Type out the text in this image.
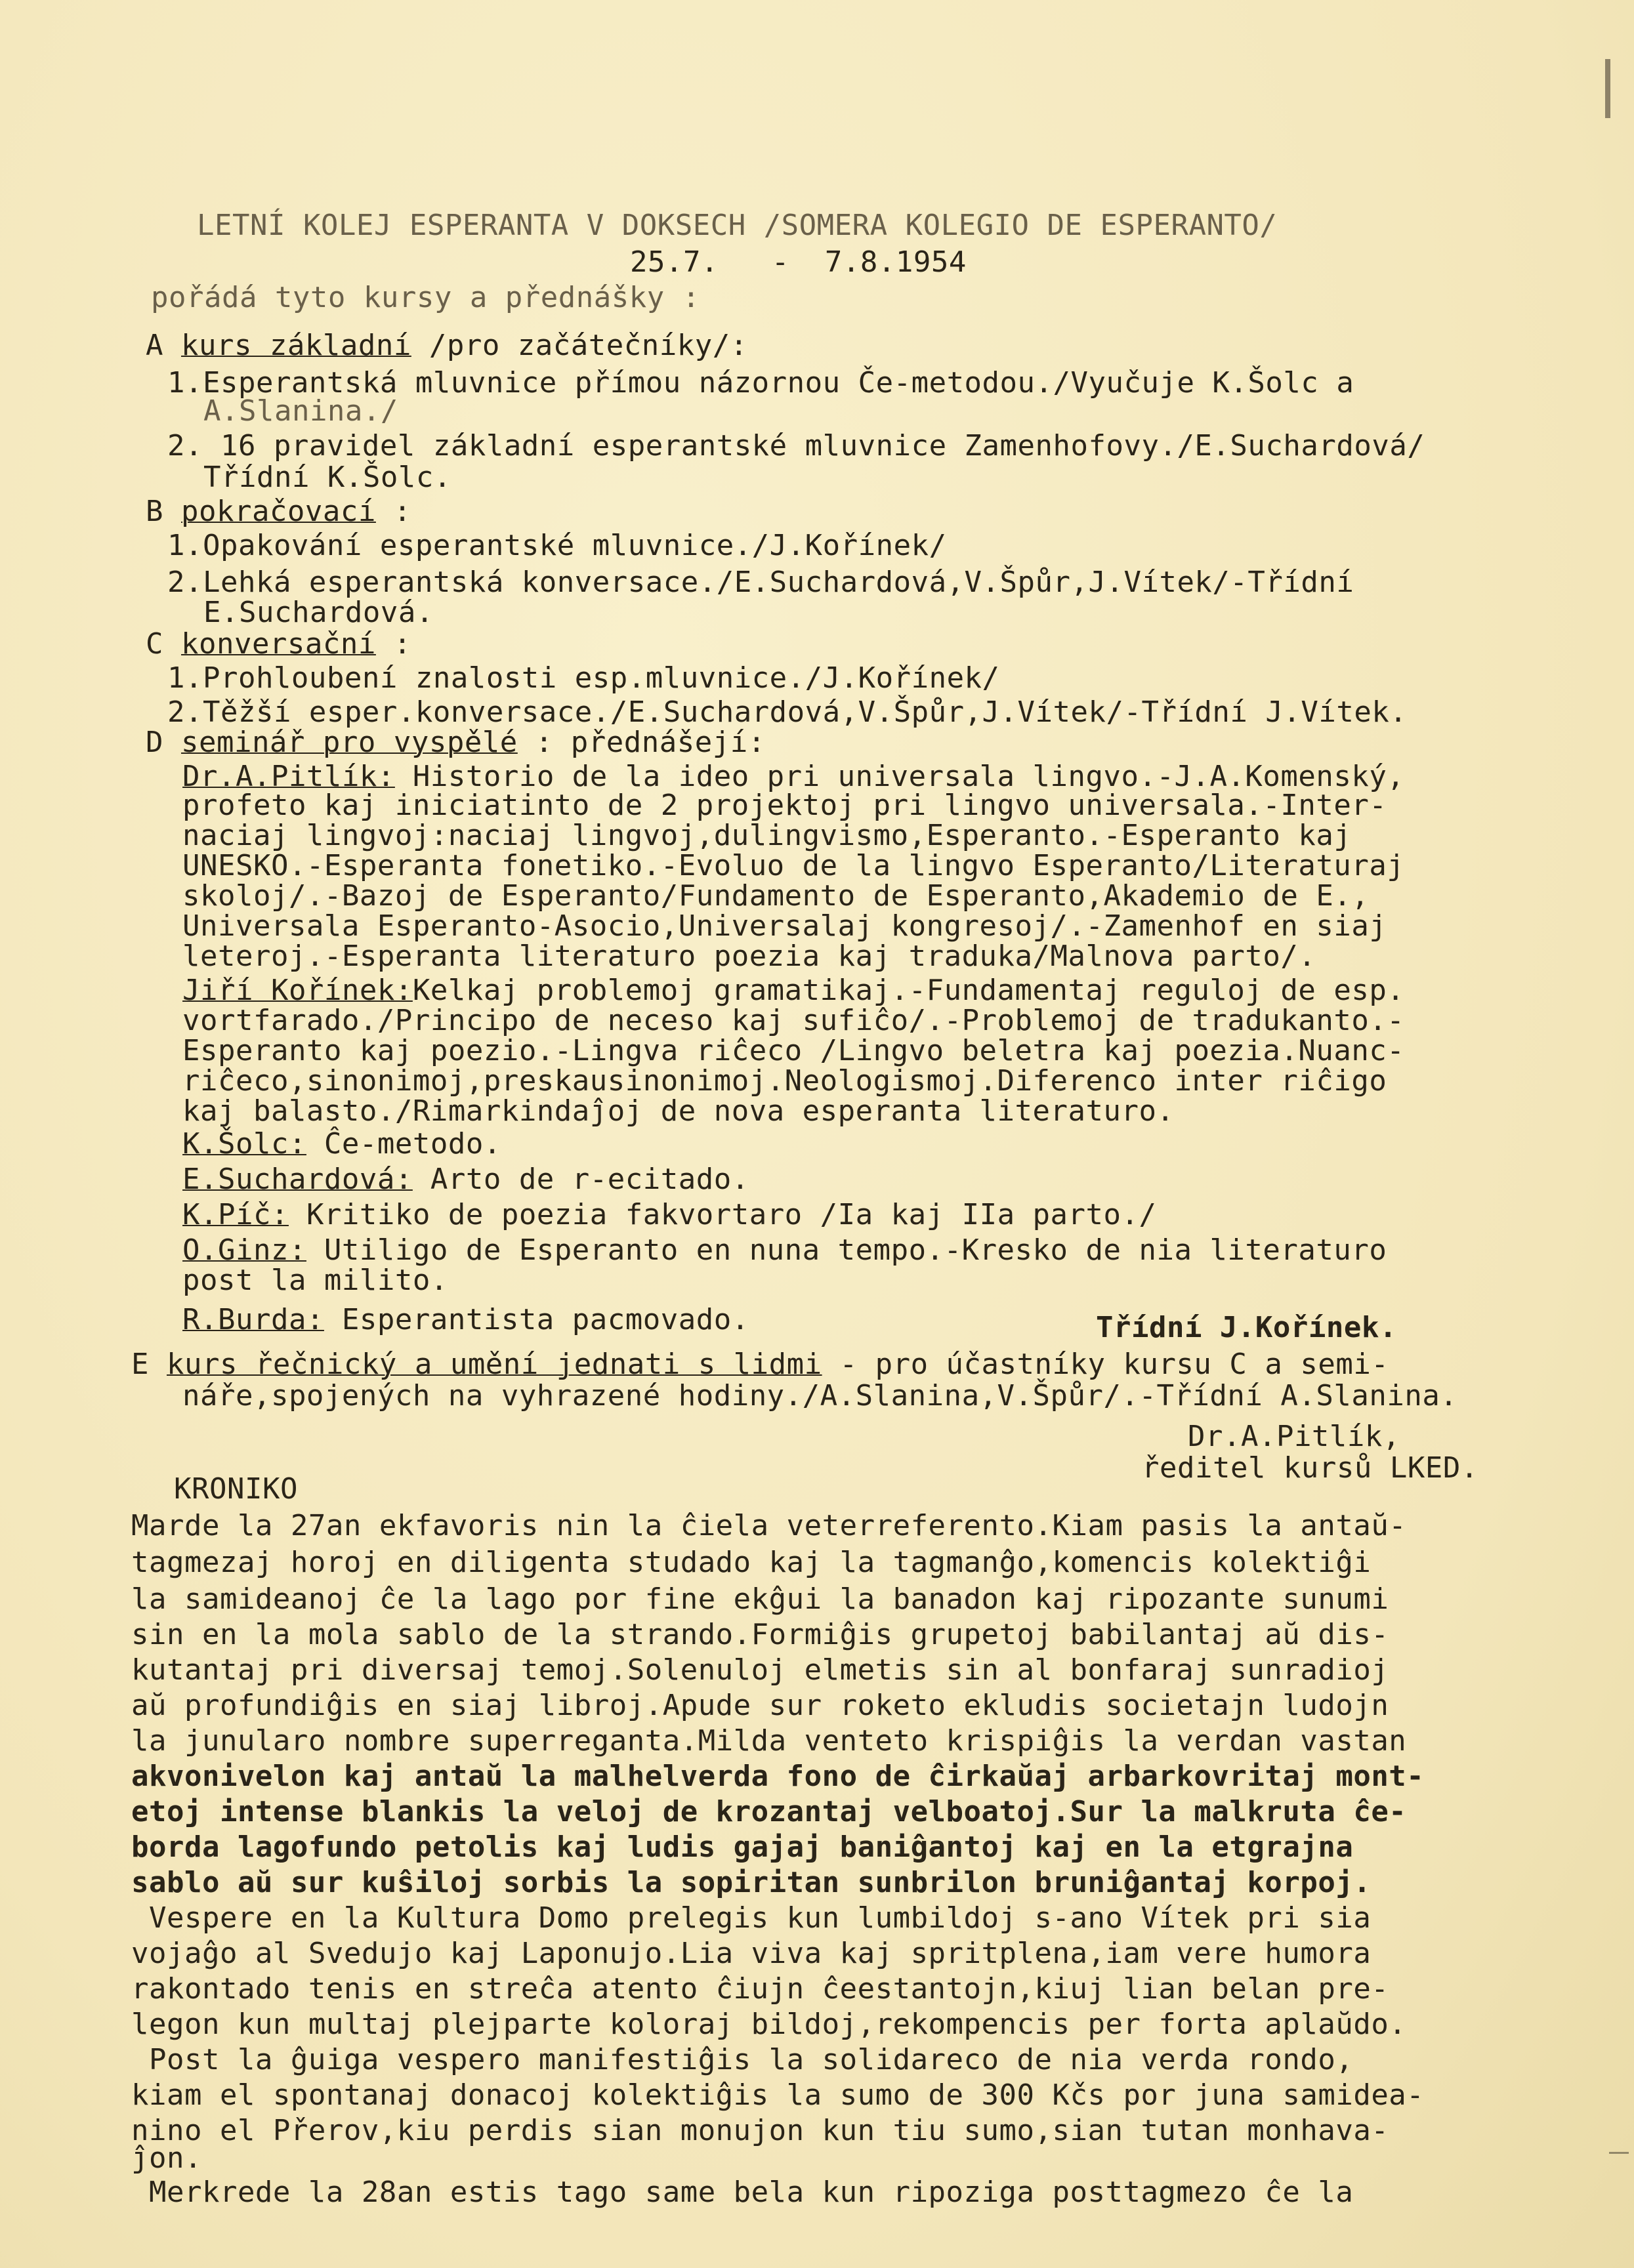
LETNÍ KOLEJ ESPERANTA V DOKSECH /SOMERA KOLEGIO DE ESPERANTO/
25.7.   -  7.8.1954
pořádá tyto kursy a přednášky :
A kurs základní /pro začátečníky/:
1.Esperantská mluvnice přímou názornou Če-metodou./Vyučuje K.Šolc a
A.Slanina./
2. 16 pravidel základní esperantské mluvnice Zamenhofovy./E.Suchardová/
Třídní K.Šolc.
B pokračovací :
1.Opakování esperantské mluvnice./J.Kořínek/
2.Lehká esperantská konversace./E.Suchardová,V.Špůr,J.Vítek/-Třídní
E.Suchardová.
C konversační :
1.Prohloubení znalosti esp.mluvnice./J.Kořínek/
2.Těžší esper.konversace./E.Suchardová,V.Špůr,J.Vítek/-Třídní J.Vítek.
D seminář pro vyspělé : přednášejí:
Dr.A.Pitlík: Historio de la ideo pri universala lingvo.-J.A.Komenský,
profeto kaj iniciatinto de 2 projektoj pri lingvo universala.-Inter-
naciaj lingvoj:naciaj lingvoj,dulingvismo,Esperanto.-Esperanto kaj
UNESKO.-Esperanta fonetiko.-Evoluo de la lingvo Esperanto/Literaturaj
skoloj/.-Bazoj de Esperanto/Fundamento de Esperanto,Akademio de E.,
Universala Esperanto-Asocio,Universalaj kongresoj/.-Zamenhof en siaj
leteroj.-Esperanta literaturo poezia kaj traduka/Malnova parto/.
Jiří Kořínek:Kelkaj problemoj gramatikaj.-Fundamentaj reguloj de esp.
vortfarado./Principo de neceso kaj sufiĉo/.-Problemoj de tradukanto.-
Esperanto kaj poezio.-Lingva riĉeco /Lingvo beletra kaj poezia.Nuanc-
riĉeco,sinonimoj,preskausinonimoj.Neologismoj.Diferenco inter riĉigo
kaj balasto./Rimarkindaĵoj de nova esperanta literaturo.
K.Šolc: Ĉe-metodo.
E.Suchardová: Arto de r-ecitado.
K.Píč: Kritiko de poezia fakvortaro /Ia kaj IIa parto./
O.Ginz: Utiligo de Esperanto en nuna tempo.-Kresko de nia literaturo
post la milito.
R.Burda: Esperantista pacmovado.	Třídní J.Kořínek.
E kurs řečnický a umění jednati s lidmi - pro účastníky kursu C a semi-
náře,spojených na vyhrazené hodiny./A.Slanina,V.Špůr/.-Třídní A.Slanina.
Dr.A.Pitlík,
ředitel kursů LKED.
KRONIKO
Marde la 27an ekfavoris nin la ĉiela veterreferento.Kiam pasis la antaŭ-
tagmezaj horoj en diligenta studado kaj la tagmanĝo,komencis kolektiĝi
la samideanoj ĉe la lago por fine ekĝui la banadon kaj ripozante sunumi
sin en la mola sablo de la strando.Formiĝis grupetoj babilantaj aŭ dis-
kutantaj pri diversaj temoj.Solenuloj elmetis sin al bonfaraj sunradioj
aŭ profundiĝis en siaj libroj.Apude sur roketo ekludis societajn ludojn
la junularo nombre superreganta.Milda venteto krispiĝis la verdan vastan
akvonivelon kaj antaŭ la malhelverda fono de ĉirkaŭaj arbarkovritaj mont-
etoj intense blankis la veloj de krozantaj velboatoj.Sur la malkruta ĉe-
borda lagofundo petolis kaj ludis gajaj baniĝantoj kaj en la etgrajna
sablo aŭ sur kuŝiloj sorbis la sopiritan sunbrilon bruniĝantaj korpoj.
Vespere en la Kultura Domo prelegis kun lumbildoj s-ano Vítek pri sia
vojaĝo al Svedujo kaj Laponujo.Lia viva kaj spritplena,iam vere humora
rakontado tenis en streĉa atento ĉiujn ĉeestantojn,kiuj lian belan pre-
legon kun multaj plejparte koloraj bildoj,rekompencis per forta aplaŭdo.
Post la ĝuiga vespero manifestiĝis la solidareco de nia verda rondo,
kiam el spontanaj donacoj kolektiĝis la sumo de 300 Kčs por juna samidea-
nino el Přerov,kiu perdis sian monujon kun tiu sumo,sian tutan monhava-
ĵon.
Merkrede la 28an estis tago same bela kun ripoziga posttagmezo ĉe la
